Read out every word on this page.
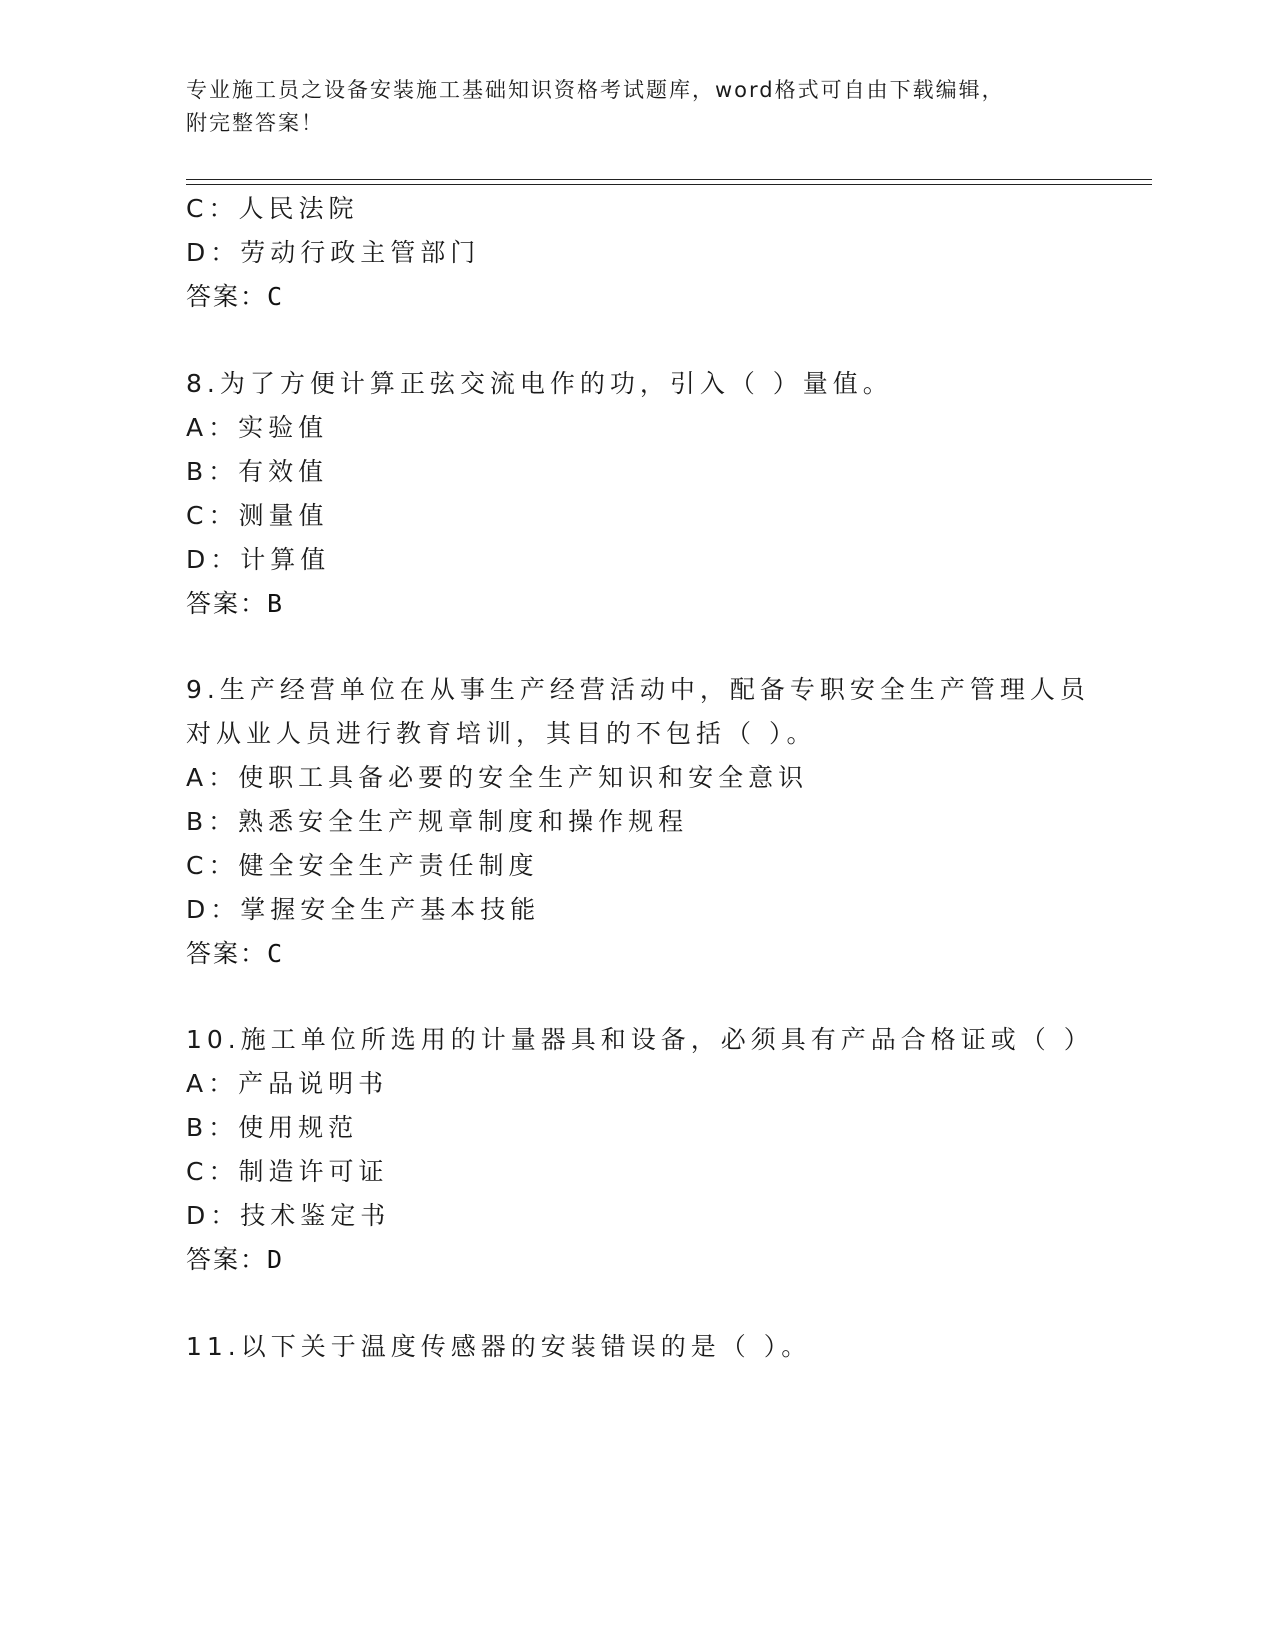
专业施工员之设备安装施工基础知识资格考试题库，word格式可自由下载编辑，
附完整答案！
C：人民法院
D：劳动行政主管部门
答案：C
8.为了方便计算正弦交流电作的功，引入（ ）量值。
A：实验值
B：有效值
C：测量值
D：计算值
答案：B
9.生产经营单位在从事生产经营活动中，配备专职安全生产管理人员
对从业人员进行教育培训，其目的不包括（ ）。
A：使职工具备必要的安全生产知识和安全意识
B：熟悉安全生产规章制度和操作规程
C：健全安全生产责任制度
D：掌握安全生产基本技能
答案：C
10.施工单位所选用的计量器具和设备，必须具有产品合格证或（ ）
A：产品说明书
B：使用规范
C：制造许可证
D：技术鉴定书
答案：D
11.以下关于温度传感器的安装错误的是（ ）。
